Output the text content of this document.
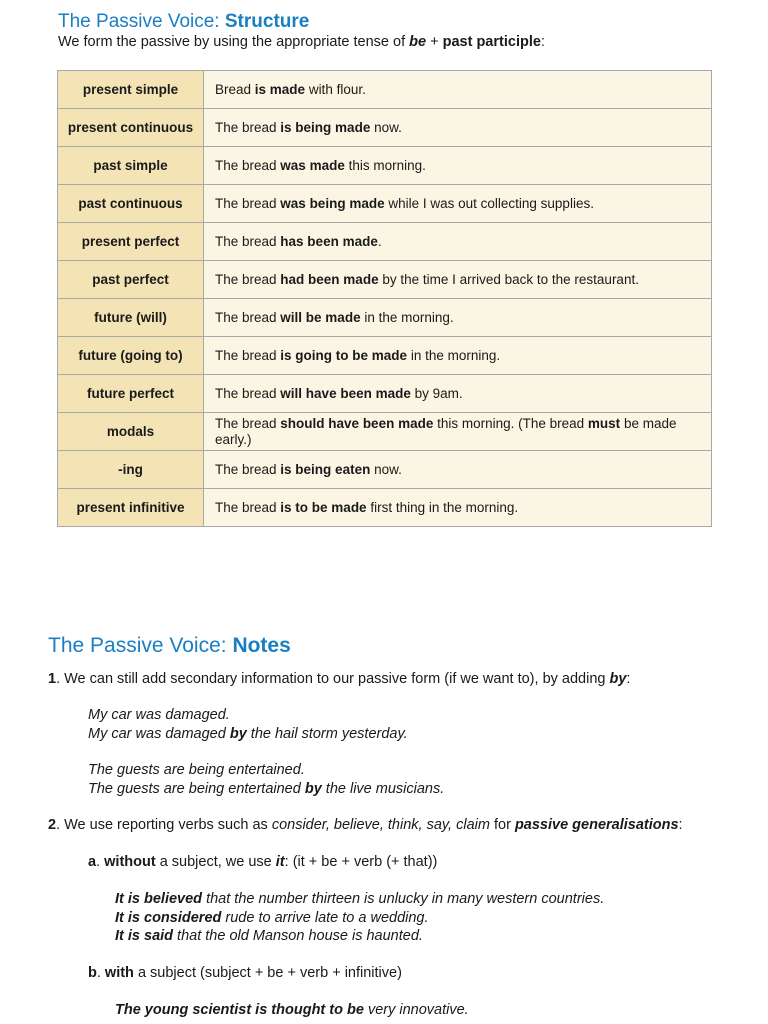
The Passive Voice: Structure
We form the passive by using the appropriate tense of be + past participle:
present simple	Bread is made with flour.
present continuous	The bread is being made now.
past simple	The bread was made this morning.
past continuous	The bread was being made while I was out collecting supplies.
present perfect	The bread has been made.
past perfect	The bread had been made by the time I arrived back to the restaurant.
future (will)	The bread will be made in the morning.
future (going to)	The bread is going to be made in the morning.
future perfect	The bread will have been made by 9am.
modals	The bread should have been made this morning. (The bread must be made early.)
-ing	The bread is being eaten now.
present infinitive	The bread is to be made first thing in the morning.
The Passive Voice: Notes
1. We can still add secondary information to our passive form (if we want to), by adding by:
My car was damaged.
My car was damaged by the hail storm yesterday.
The guests are being entertained.
The guests are being entertained by the live musicians.
2. We use reporting verbs such as consider, believe, think, say, claim for passive generalisations:
a. without a subject, we use it: (it + be + verb (+ that))
It is believed that the number thirteen is unlucky in many western countries.
It is considered rude to arrive late to a wedding.
It is said that the old Manson house is haunted.
b. with a subject (subject + be + verb + infinitive)
The young scientist is thought to be very innovative.
